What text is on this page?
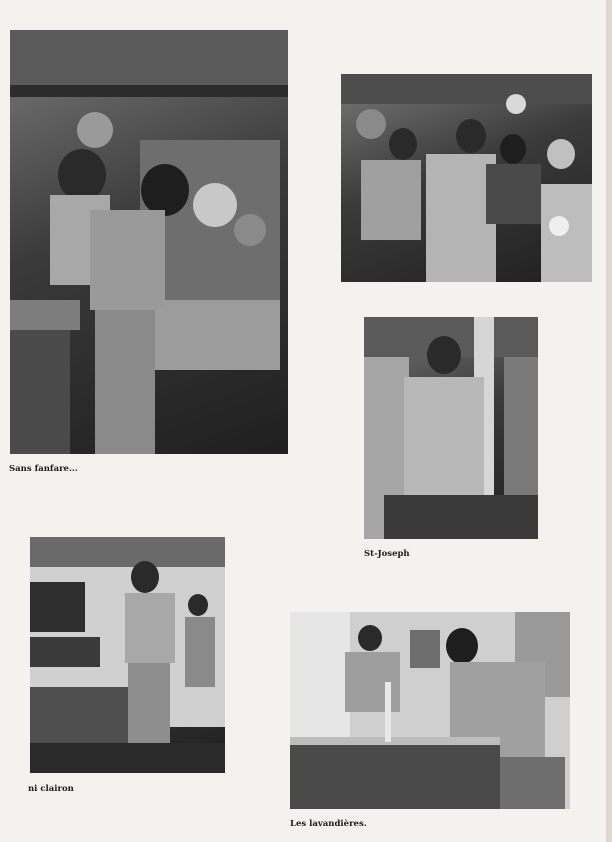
Sans fanfare...
St-Joseph
ni clairon
Les lavandières.
